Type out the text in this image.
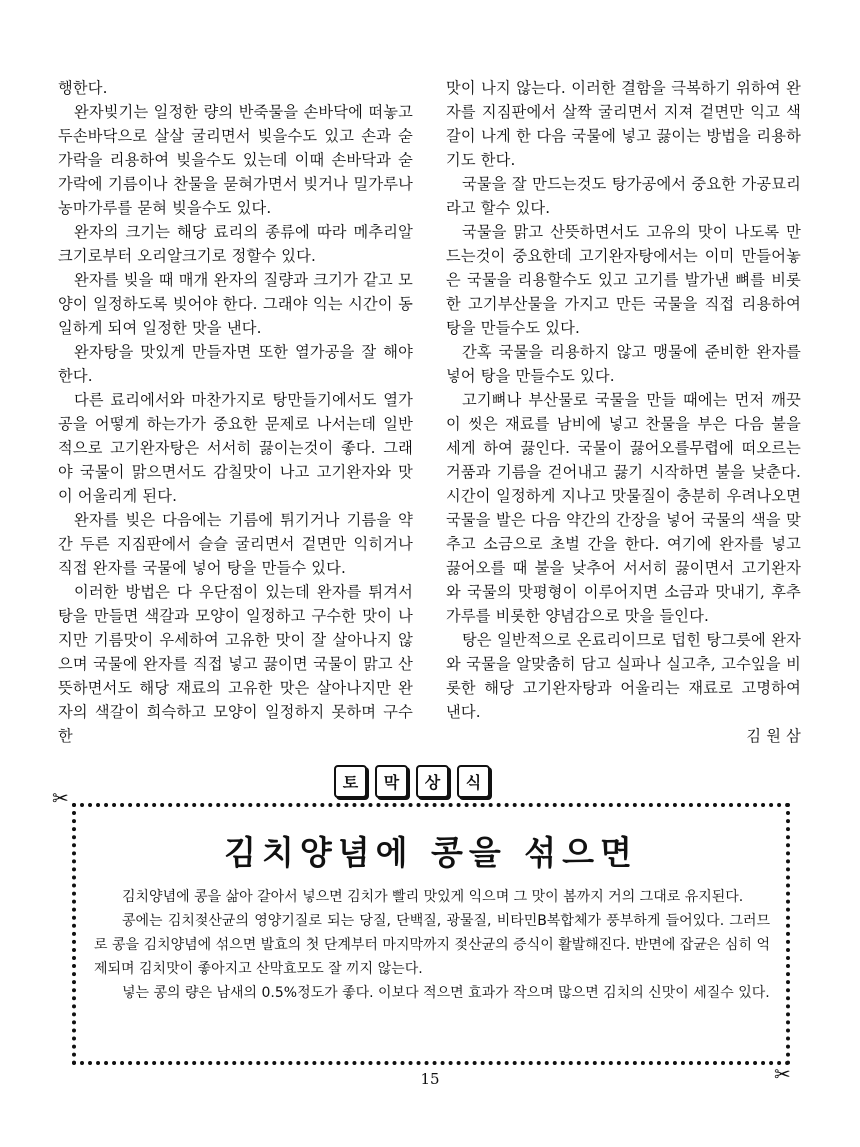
행한다.

완자빚기는 일정한 량의 반죽물을 손바닥에 떠놓고 두손바닥으로 살살 굴리면서 빚을수도 있고 손과 숟가락을 리용하여 빚을수도 있는데 이때 손바닥과 숟가락에 기름이나 찬물을 묻혀가면서 빚거나 밀가루나 농마가루를 묻혀 빚을수도 있다.

완자의 크기는 해당 료리의 종류에 따라 메추리알크기로부터 오리알크기로 정할수 있다.

완자를 빚을 때 매개 완자의 질량과 크기가 같고 모양이 일정하도록 빚어야 한다. 그래야 익는 시간이 동일하게 되여 일정한 맛을 낸다.

완자탕을 맛있게 만들자면 또한 열가공을 잘 해야 한다.

다른 료리에서와 마찬가지로 탕만들기에서도 열가공을 어떻게 하는가가 중요한 문제로 나서는데 일반적으로 고기완자탕은 서서히 끓이는것이 좋다. 그래야 국물이 맑으면서도 감칠맛이 나고 고기완자와 맛이 어울리게 된다.

완자를 빚은 다음에는 기름에 튀기거나 기름을 약간 두른 지짐판에서 슬슬 굴리면서 겉면만 익히거나 직접 완자를 국물에 넣어 탕을 만들수 있다.

이러한 방법은 다 우단점이 있는데 완자를 튀겨서 탕을 만들면 색갈과 모양이 일정하고 구수한 맛이 나지만 기름맛이 우세하여 고유한 맛이 잘 살아나지 않으며 국물에 완자를 직접 넣고 끓이면 국물이 맑고 산뜻하면서도 해당 재료의 고유한 맛은 살아나지만 완자의 색갈이 희슥하고 모양이 일정하지 못하며 구수한

맛이 나지 않는다. 이러한 결함을 극복하기 위하여 완자를 지짐판에서 살짝 굴리면서 지져 겉면만 익고 색갈이 나게 한 다음 국물에 넣고 끓이는 방법을 리용하기도 한다.

국물을 잘 만드는것도 탕가공에서 중요한 가공묘리라고 할수 있다.

국물을 맑고 산뜻하면서도 고유의 맛이 나도록 만드는것이 중요한데 고기완자탕에서는 이미 만들어놓은 국물을 리용할수도 있고 고기를 발가낸 뼈를 비롯한 고기부산물을 가지고 만든 국물을 직접 리용하여 탕을 만들수도 있다.

간혹 국물을 리용하지 않고 맹물에 준비한 완자를 넣어 탕을 만들수도 있다.

고기뼈나 부산물로 국물을 만들 때에는 먼저 깨끗이 씻은 재료를 남비에 넣고 찬물을 부은 다음 불을 세게 하여 끓인다. 국물이 끓어오를무렵에 떠오르는 거품과 기름을 걷어내고 끓기 시작하면 불을 낮춘다. 시간이 일정하게 지나고 맛물질이 충분히 우려나오면 국물을 발은 다음 약간의 간장을 넣어 국물의 색을 맞추고 소금으로 초벌 간을 한다. 여기에 완자를 넣고 끓어오를 때 불을 낮추어 서서히 끓이면서 고기완자와 국물의 맛평형이 이루어지면 소금과 맛내기, 후추가루를 비롯한 양념감으로 맛을 들인다.

탕은 일반적으로 온료리이므로 덥힌 탕그릇에 완자와 국물을 알맞춤히 담고 실파나 실고추, 고수잎을 비롯한 해당 고기완자탕과 어울리는 재료로 고명하여 낸다.

김 원 삼

토	막	상	식
✂
✂
김치양념에 콩을 섞으면

김치양념에 콩을 삶아 갈아서 넣으면 김치가 빨리 맛있게 익으며 그 맛이 봄까지 거의 그대로 유지된다.

콩에는 김치젖산균의 영양기질로 되는 당질, 단백질, 광물질, 비타민B복합체가 풍부하게 들어있다. 그러므로 콩을 김치양념에 섞으면 발효의 첫 단계부터 마지막까지 젖산균의 증식이 활발해진다. 반면에 잡균은 심히 억제되며 김치맛이 좋아지고 산막효모도 잘 끼지 않는다.

넣는 콩의 량은 남새의 0.5%정도가 좋다. 이보다 적으면 효과가 작으며 많으면 김치의 신맛이 세질수 있다.

15
